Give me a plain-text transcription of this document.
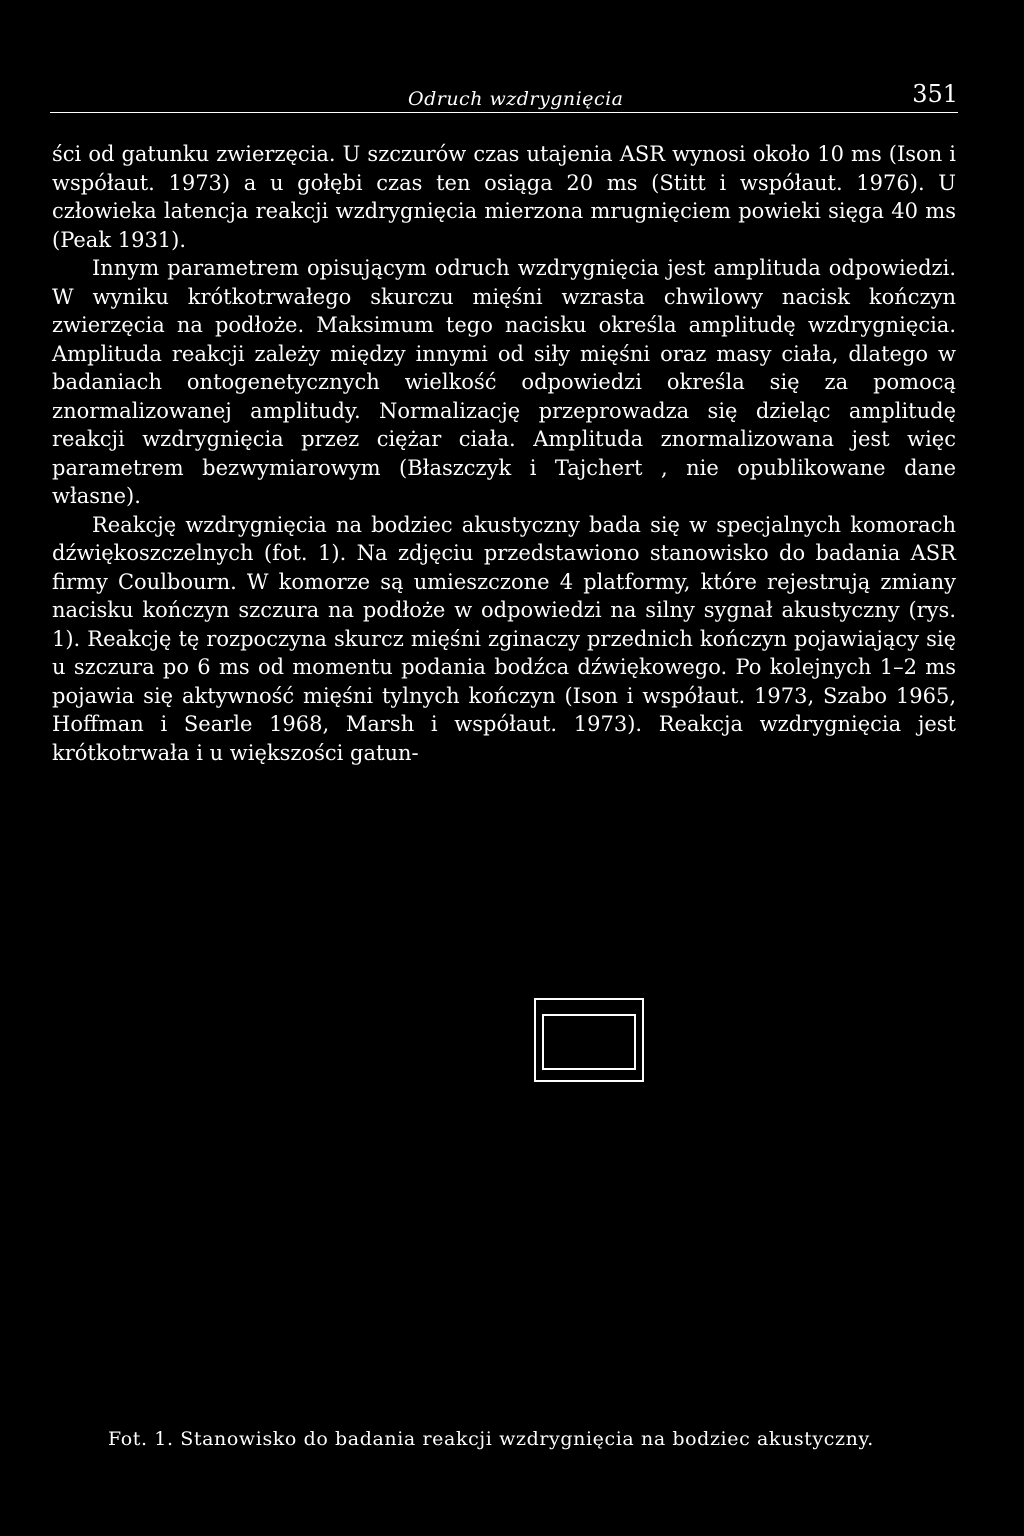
Odruch wzdrygnięcia	351

ści od gatunku zwierzęcia. U szczurów czas utajenia ASR wynosi około 10 ms (Ison i współaut. 1973) a u gołębi czas ten osiąga 20 ms (Stitt i współaut. 1976). U człowieka latencja reakcji wzdrygnięcia mierzona mrugnięciem powieki sięga 40 ms (Peak 1931).

Innym parametrem opisującym odruch wzdrygnięcia jest amplituda odpowiedzi. W wyniku krótkotrwałego skurczu mięśni wzrasta chwilowy nacisk kończyn zwierzęcia na podłoże. Maksimum tego nacisku określa amplitudę wzdrygnięcia. Amplituda reakcji zależy między innymi od siły mięśni oraz masy ciała, dlatego w badaniach ontogenetycznych wielkość odpowiedzi określa się za pomocą znormalizowanej amplitudy. Normalizację przeprowadza się dzieląc amplitudę reakcji wzdrygnięcia przez ciężar ciała. Amplituda znormalizowana jest więc parametrem bezwymiarowym (Błaszczyk i Tajchert , nie opublikowane dane własne).

Reakcję wzdrygnięcia na bodziec akustyczny bada się w specjalnych komorach dźwiękoszczelnych (fot. 1). Na zdjęciu przedstawiono stanowisko do badania ASR firmy Coulbourn. W komorze są umieszczone 4 platformy, które rejestrują zmiany nacisku kończyn szczura na podłoże w odpowiedzi na silny sygnał akustyczny (rys. 1). Reakcję tę rozpoczyna skurcz mięśni zginaczy przednich kończyn pojawiający się u szczura po 6 ms od momentu podania bodźca dźwiękowego. Po kolejnych 1–2 ms pojawia się aktywność mięśni tylnych kończyn (Ison i współaut. 1973, Szabo 1965, Hoffman i Searle 1968, Marsh i współaut. 1973). Reakcja wzdrygnięcia jest krótkotrwała i u większości gatun-

Fot. 1. Stanowisko do badania reakcji wzdrygnięcia na bodziec akustyczny.
